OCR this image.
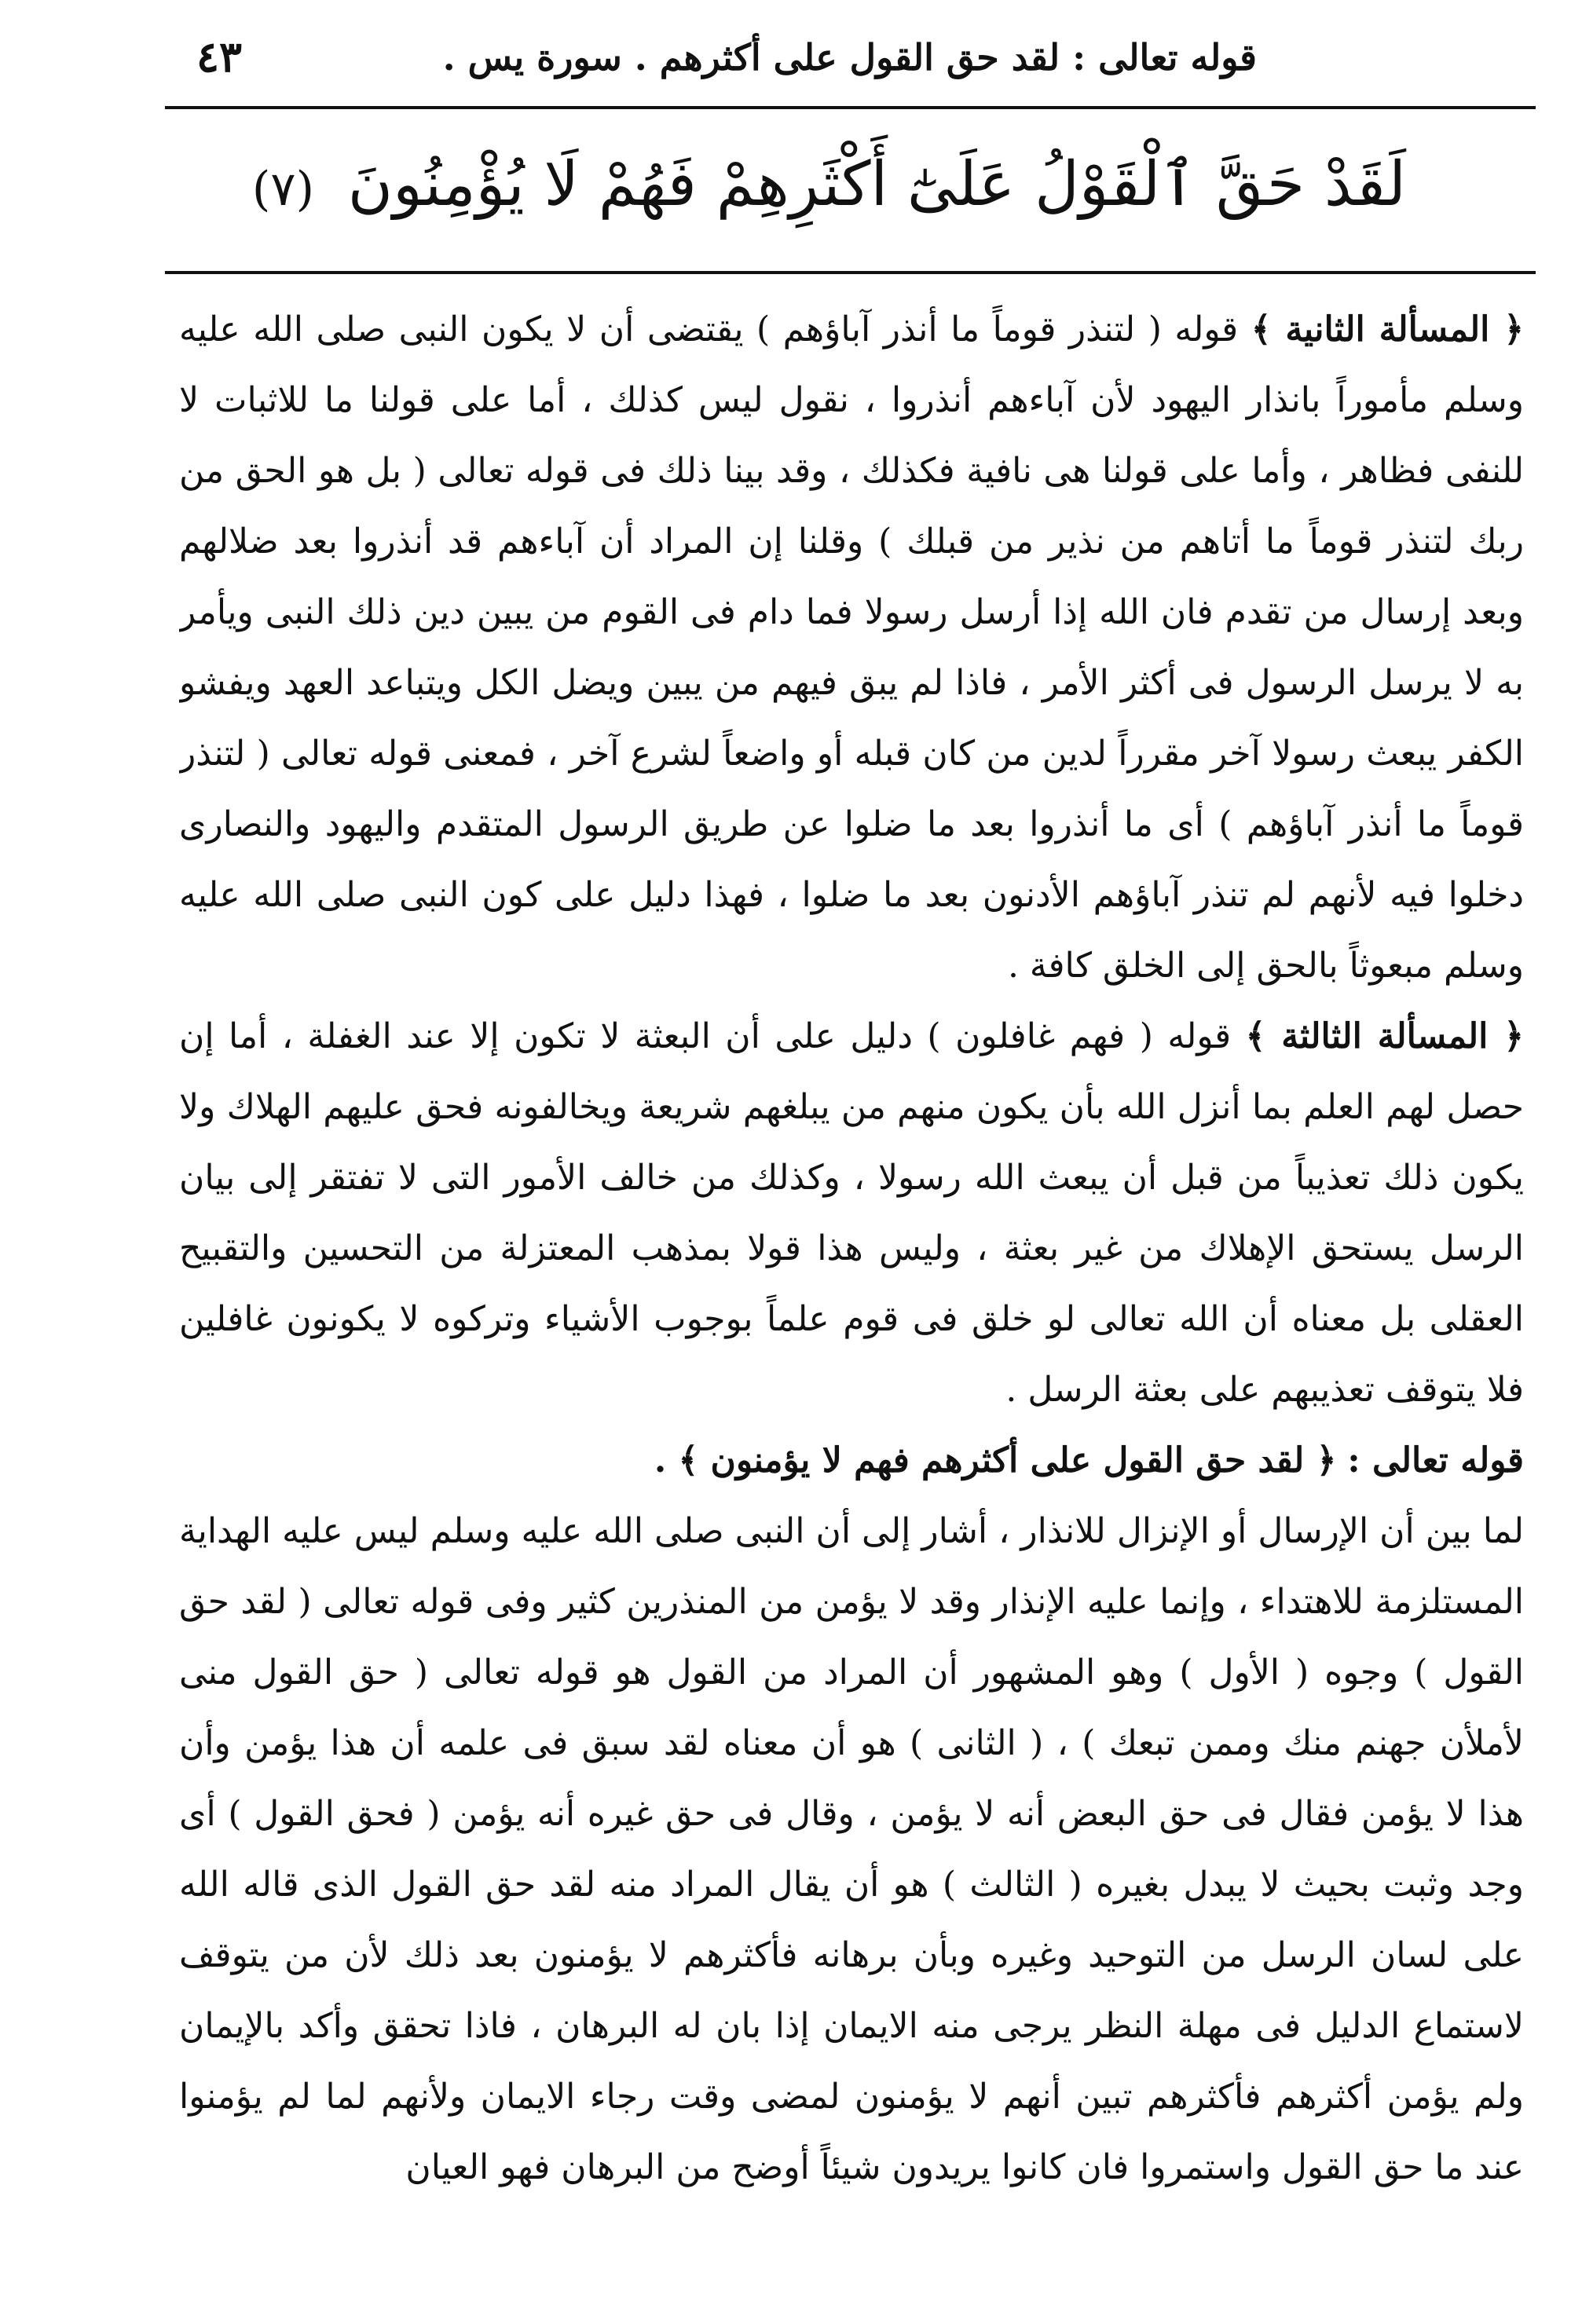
قوله تعالى : لقد حق القول على أكثرهم . سورة يس .
٤٣
لَقَدْ حَقَّ ٱلْقَوْلُ عَلَىٰٓ أَكْثَرِهِمْ فَهُمْ لَا يُؤْمِنُونَ (٧)

﴿ المسألة الثانية ﴾ قوله ( لتنذر قوماً ما أنذر آباؤهم ) يقتضى أن لا يكون النبى صلى الله عليه وسلم مأموراً بانذار اليهود لأن آباءهم أنذروا ، نقول ليس كذلك ، أما على قولنا ما للاثبات لا للنفى فظاهر ، وأما على قولنا هى نافية فكذلك ، وقد بينا ذلك فى قوله تعالى ( بل هو الحق من ربك لتنذر قوماً ما أتاهم من نذير من قبلك ) وقلنا إن المراد أن آباءهم قد أنذروا بعد ضلالهم وبعد إرسال من تقدم فان الله إذا أرسل رسولا فما دام فى القوم من يبين دين ذلك النبى ويأمر به لا يرسل الرسول فى أكثر الأمر ، فاذا لم يبق فيهم من يبين ويضل الكل ويتباعد العهد ويفشو الكفر يبعث رسولا آخر مقرراً لدين من كان قبله أو واضعاً لشرع آخر ، فمعنى قوله تعالى ( لتنذر قوماً ما أنذر آباؤهم ) أى ما أنذروا بعد ما ضلوا عن طريق الرسول المتقدم واليهود والنصارى دخلوا فيه لأنهم لم تنذر آباؤهم الأدنون بعد ما ضلوا ، فهذا دليل على كون النبى صلى الله عليه وسلم مبعوثاً بالحق إلى الخلق كافة .

﴿ المسألة الثالثة ﴾ قوله ( فهم غافلون ) دليل على أن البعثة لا تكون إلا عند الغفلة ، أما إن حصل لهم العلم بما أنزل الله بأن يكون منهم من يبلغهم شريعة ويخالفونه فحق عليهم الهلاك ولا يكون ذلك تعذيباً من قبل أن يبعث الله رسولا ، وكذلك من خالف الأمور التى لا تفتقر إلى بيان الرسل يستحق الإهلاك من غير بعثة ، وليس هذا قولا بمذهب المعتزلة من التحسين والتقبيح العقلى بل معناه أن الله تعالى لو خلق فى قوم علماً بوجوب الأشياء وتركوه لا يكونون غافلين فلا يتوقف تعذيبهم على بعثة الرسل .

قوله تعالى : ﴿ لقد حق القول على أكثرهم فهم لا يؤمنون ﴾ .

لما بين أن الإرسال أو الإنزال للانذار ، أشار إلى أن النبى صلى الله عليه وسلم ليس عليه الهداية المستلزمة للاهتداء ، وإنما عليه الإنذار وقد لا يؤمن من المنذرين كثير وفى قوله تعالى ( لقد حق القول ) وجوه ( الأول ) وهو المشهور أن المراد من القول هو قوله تعالى ( حق القول منى لأملأن جهنم منك وممن تبعك ) ، ( الثانى ) هو أن معناه لقد سبق فى علمه أن هذا يؤمن وأن هذا لا يؤمن فقال فى حق البعض أنه لا يؤمن ، وقال فى حق غيره أنه يؤمن ( فحق القول ) أى وجد وثبت بحيث لا يبدل بغيره ( الثالث ) هو أن يقال المراد منه لقد حق القول الذى قاله الله على لسان الرسل من التوحيد وغيره وبأن برهانه فأكثرهم لا يؤمنون بعد ذلك لأن من يتوقف لاستماع الدليل فى مهلة النظر يرجى منه الايمان إذا بان له البرهان ، فاذا تحقق وأكد بالإيمان ولم يؤمن أكثرهم فأكثرهم تبين أنهم لا يؤمنون لمضى وقت رجاء الايمان ولأنهم لما لم يؤمنوا عند ما حق القول واستمروا فان كانوا يريدون شيئاً أوضح من البرهان فهو العيان
